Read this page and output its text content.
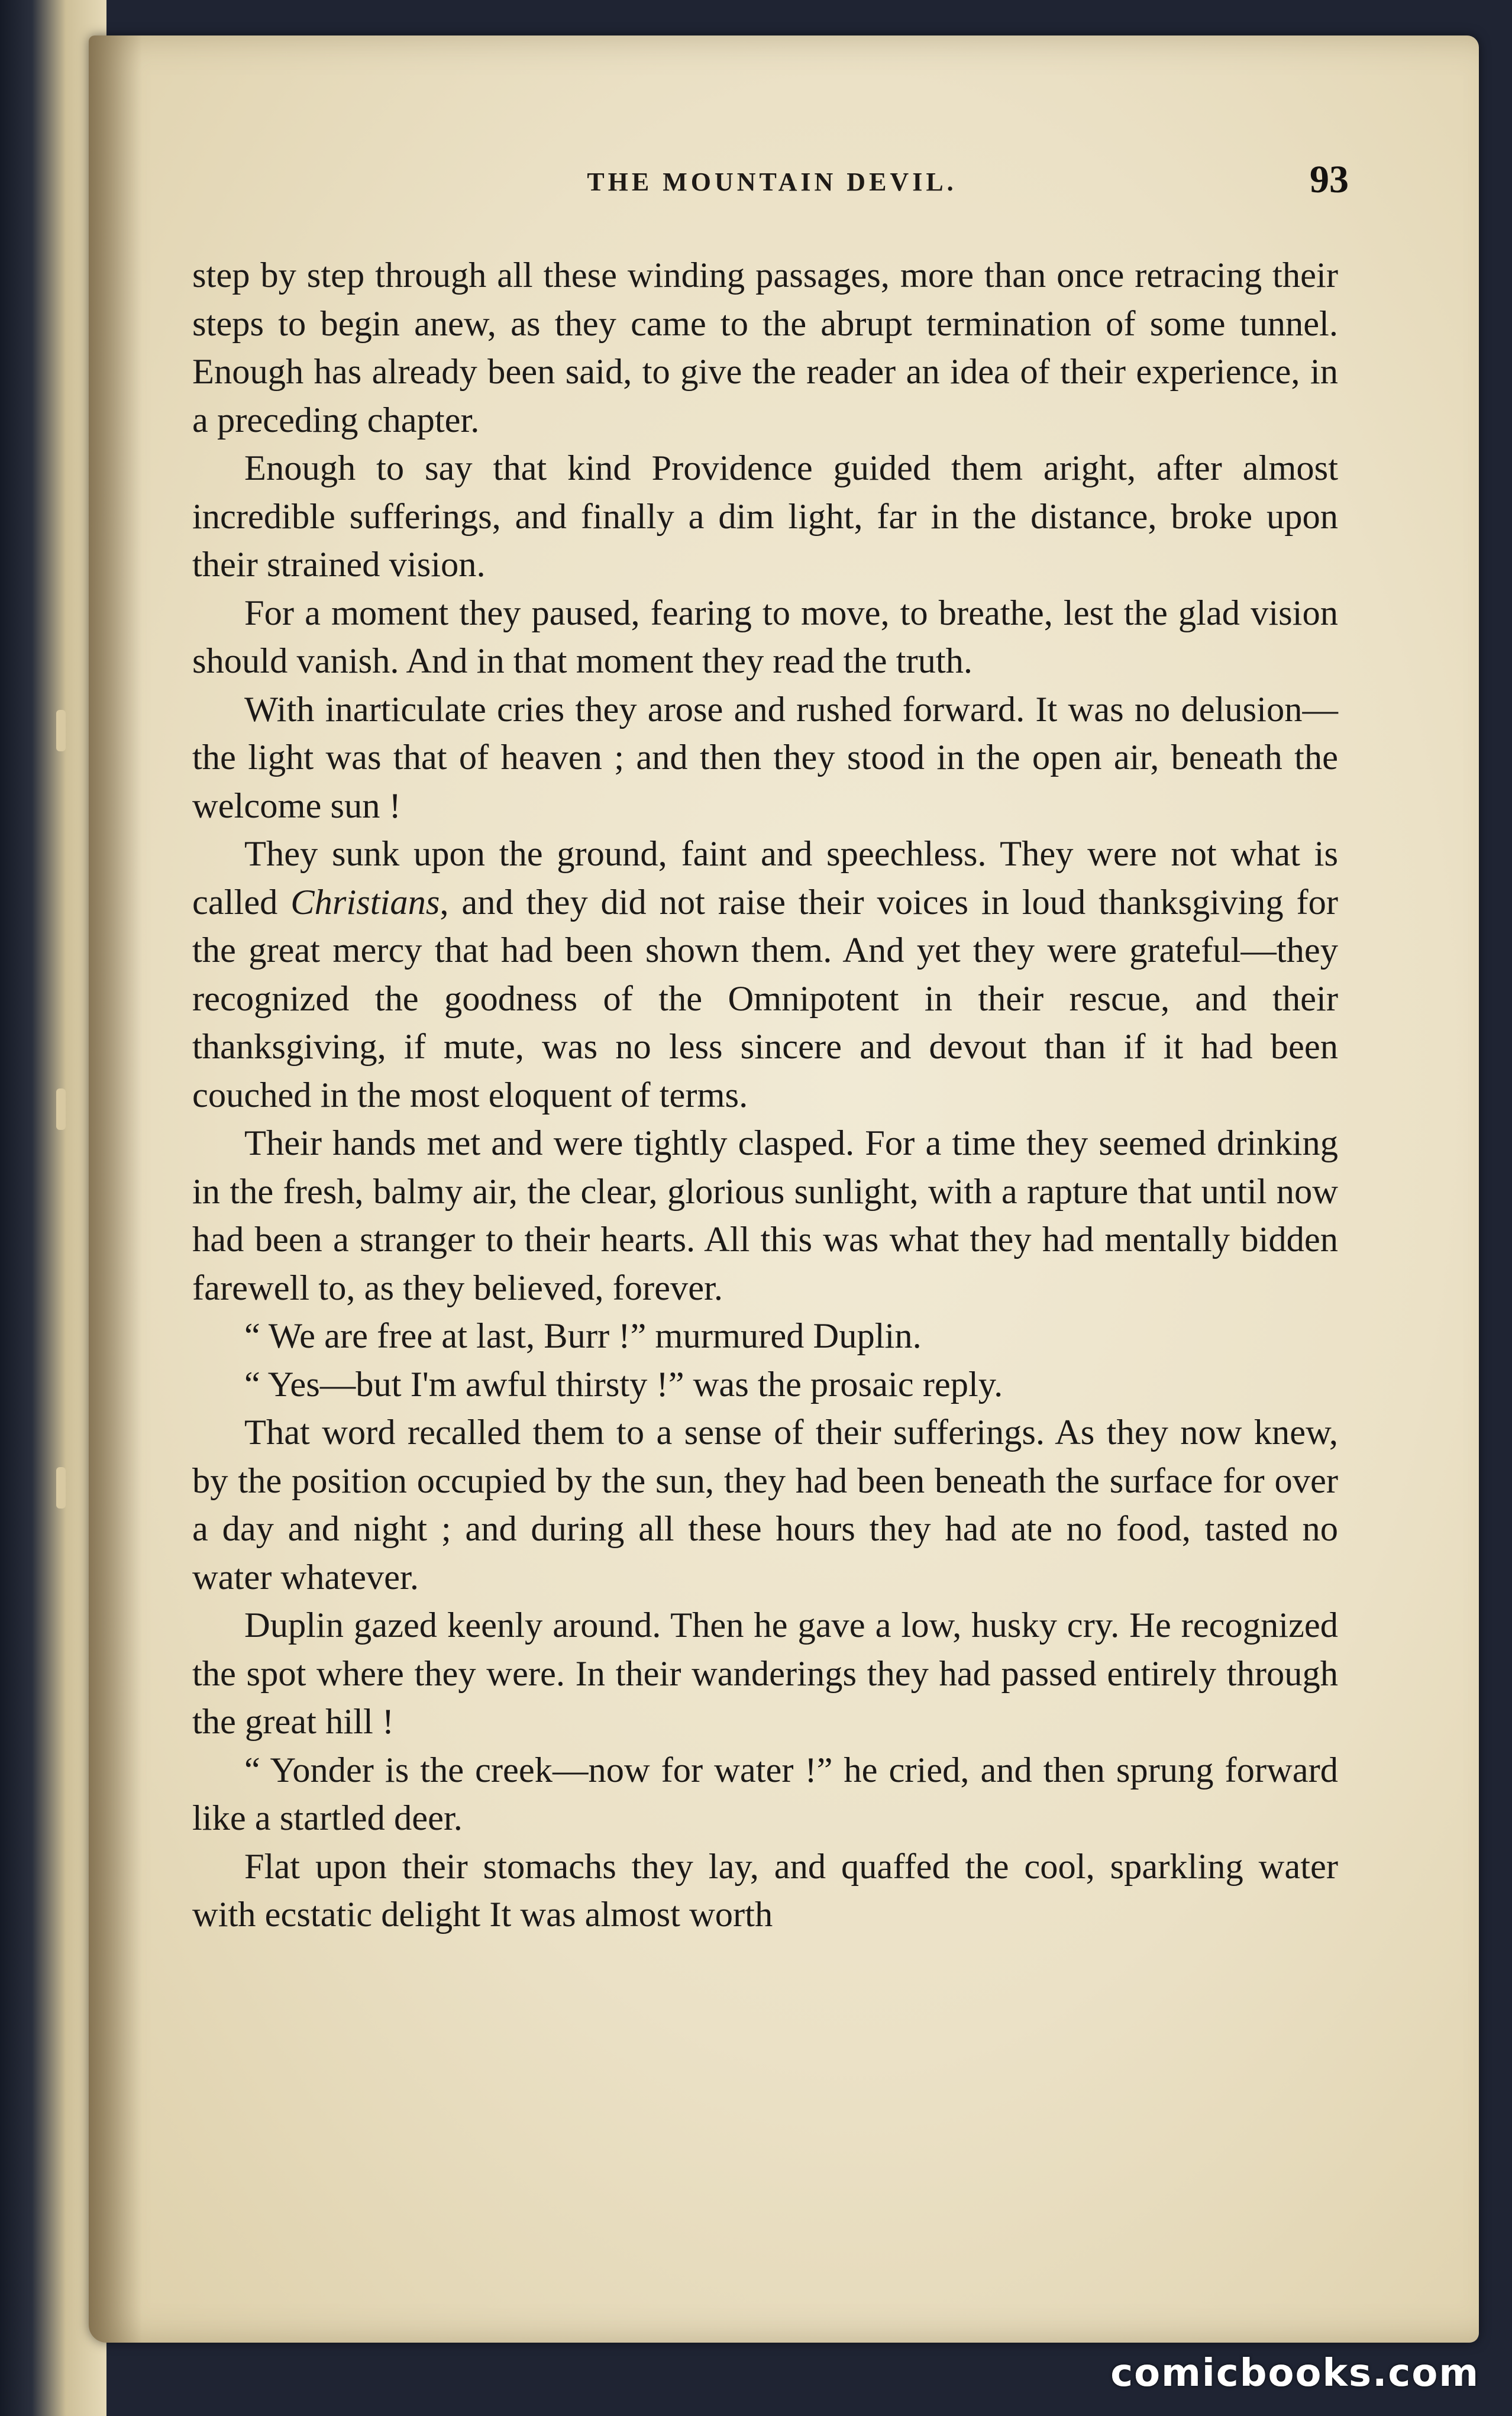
THE MOUNTAIN DEVIL.	93

step by step through all these winding passages, more than once retracing their steps to begin anew, as they came to the abrupt termination of some tunnel. Enough has already been said, to give the reader an idea of their experience, in a preceding chapter.

Enough to say that kind Providence guided them aright, after almost incredible sufferings, and finally a dim light, far in the distance, broke upon their strained vision.

For a moment they paused, fearing to move, to breathe, lest the glad vision should vanish. And in that moment they read the truth.

With inarticulate cries they arose and rushed forward. It was no delusion—the light was that of heaven ; and then they stood in the open air, beneath the welcome sun !

They sunk upon the ground, faint and speechless. They were not what is called Christians, and they did not raise their voices in loud thanksgiving for the great mercy that had been shown them. And yet they were grateful—they recognized the goodness of the Omnipotent in their rescue, and their thanksgiving, if mute, was no less sincere and devout than if it had been couched in the most eloquent of terms.

Their hands met and were tightly clasped. For a time they seemed drinking in the fresh, balmy air, the clear, glorious sunlight, with a rapture that until now had been a stranger to their hearts. All this was what they had mentally bidden farewell to, as they believed, forever.

“ We are free at last, Burr !” murmured Duplin.

“ Yes—but I'm awful thirsty !” was the prosaic reply.

That word recalled them to a sense of their sufferings. As they now knew, by the position occupied by the sun, they had been beneath the surface for over a day and night ; and during all these hours they had ate no food, tasted no water whatever.

Duplin gazed keenly around. Then he gave a low, husky cry. He recognized the spot where they were. In their wanderings they had passed entirely through the great hill !

“ Yonder is the creek—now for water !” he cried, and then sprung forward like a startled deer.

Flat upon their stomachs they lay, and quaffed the cool, sparkling water with ecstatic delight It was almost worth

comicbooks.com
